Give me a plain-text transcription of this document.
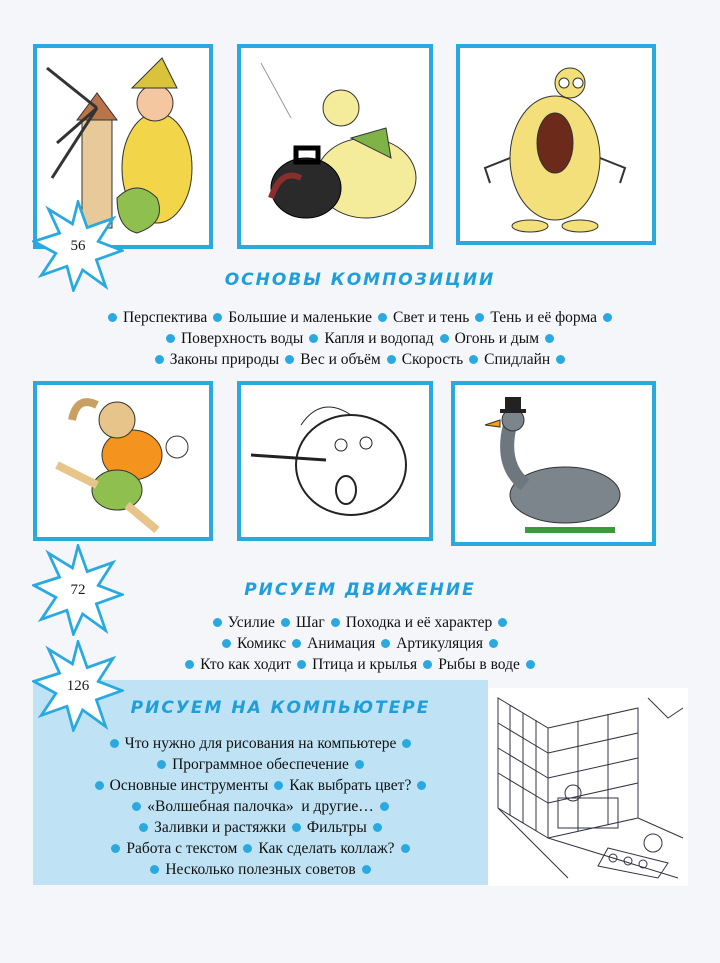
56
ОСНОВЫ КОМПОЗИЦИИ
Перспектива Большие и маленькие Свет и тень Тень и её форма
Поверхность воды Капля и водопад Огонь и дым
Законы природы Вес и объём Скорость Спидлайн
72	РИСУЕМ ДВИЖЕНИЕ
Усилие Шаг Походка и её характер
Комикс Анимация Артикуляция
Кто как ходит Птица и крылья Рыбы в воде
РИСУЕМ НА КОМПЬЮТЕРЕ
Что нужно для рисования на компьютере
Программное обеспечение
Основные инструменты Как выбрать цвет?
«Волшебная палочка»  и другие…
Заливки и растяжки Фильтры
Работа с текстом Как сделать коллаж?
Несколько полезных советов
126
